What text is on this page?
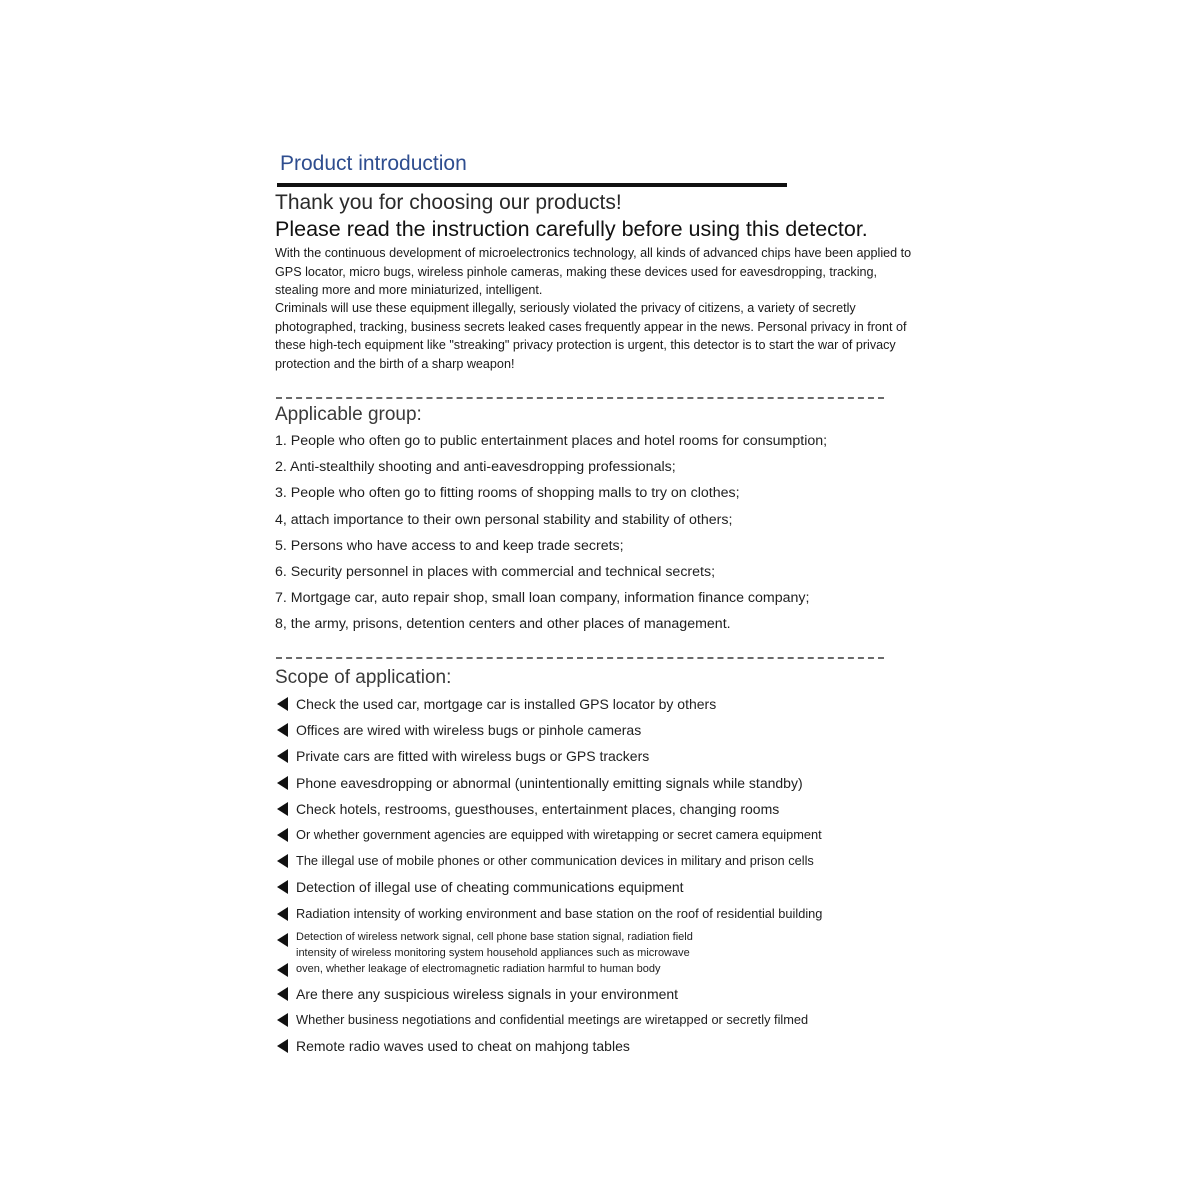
Product introduction
Thank you for choosing our products!
Please read the instruction carefully before using this detector.

With the continuous development of microelectronics technology, all kinds of advanced chips have been applied to GPS locator, micro bugs, wireless pinhole cameras, making these devices used for eavesdropping, tracking, stealing more and more miniaturized, intelligent.

Criminals will use these equipment illegally, seriously violated the privacy of citizens, a variety of secretly photographed, tracking, business secrets leaked cases frequently appear in the news. Personal privacy in front of these high-tech equipment like "streaking" privacy protection is urgent, this detector is to start the war of privacy protection and the birth of a sharp weapon!

Applicable group:
1. People who often go to public entertainment places and hotel rooms for consumption;
2. Anti-stealthily shooting and anti-eavesdropping professionals;
3. People who often go to fitting rooms of shopping malls to try on clothes;
4, attach importance to their own personal stability and stability of others;
5. Persons who have access to and keep trade secrets;
6. Security personnel in places with commercial and technical secrets;
7. Mortgage car, auto repair shop, small loan company, information finance company;
8, the army, prisons, detention centers and other places of management.
Scope of application:
Check the used car, mortgage car is installed GPS locator by others
Offices are wired with wireless bugs or pinhole cameras
Private cars are fitted with wireless bugs or GPS trackers
Phone eavesdropping or abnormal (unintentionally emitting signals while standby)
Check hotels, restrooms, guesthouses, entertainment places, changing rooms
Or whether government agencies are equipped with wiretapping or secret camera equipment
The illegal use of mobile phones or other communication devices in military and prison cells
Detection of illegal use of cheating communications equipment
Radiation intensity of working environment and base station on the roof of residential building
Detection of wireless network signal, cell phone base station signal, radiation field
intensity of wireless monitoring system household appliances such as microwave
oven, whether leakage of electromagnetic radiation harmful to human body
Are there any suspicious wireless signals in your environment
Whether business negotiations and confidential meetings are wiretapped or secretly filmed
Remote radio waves used to cheat on mahjong tables
